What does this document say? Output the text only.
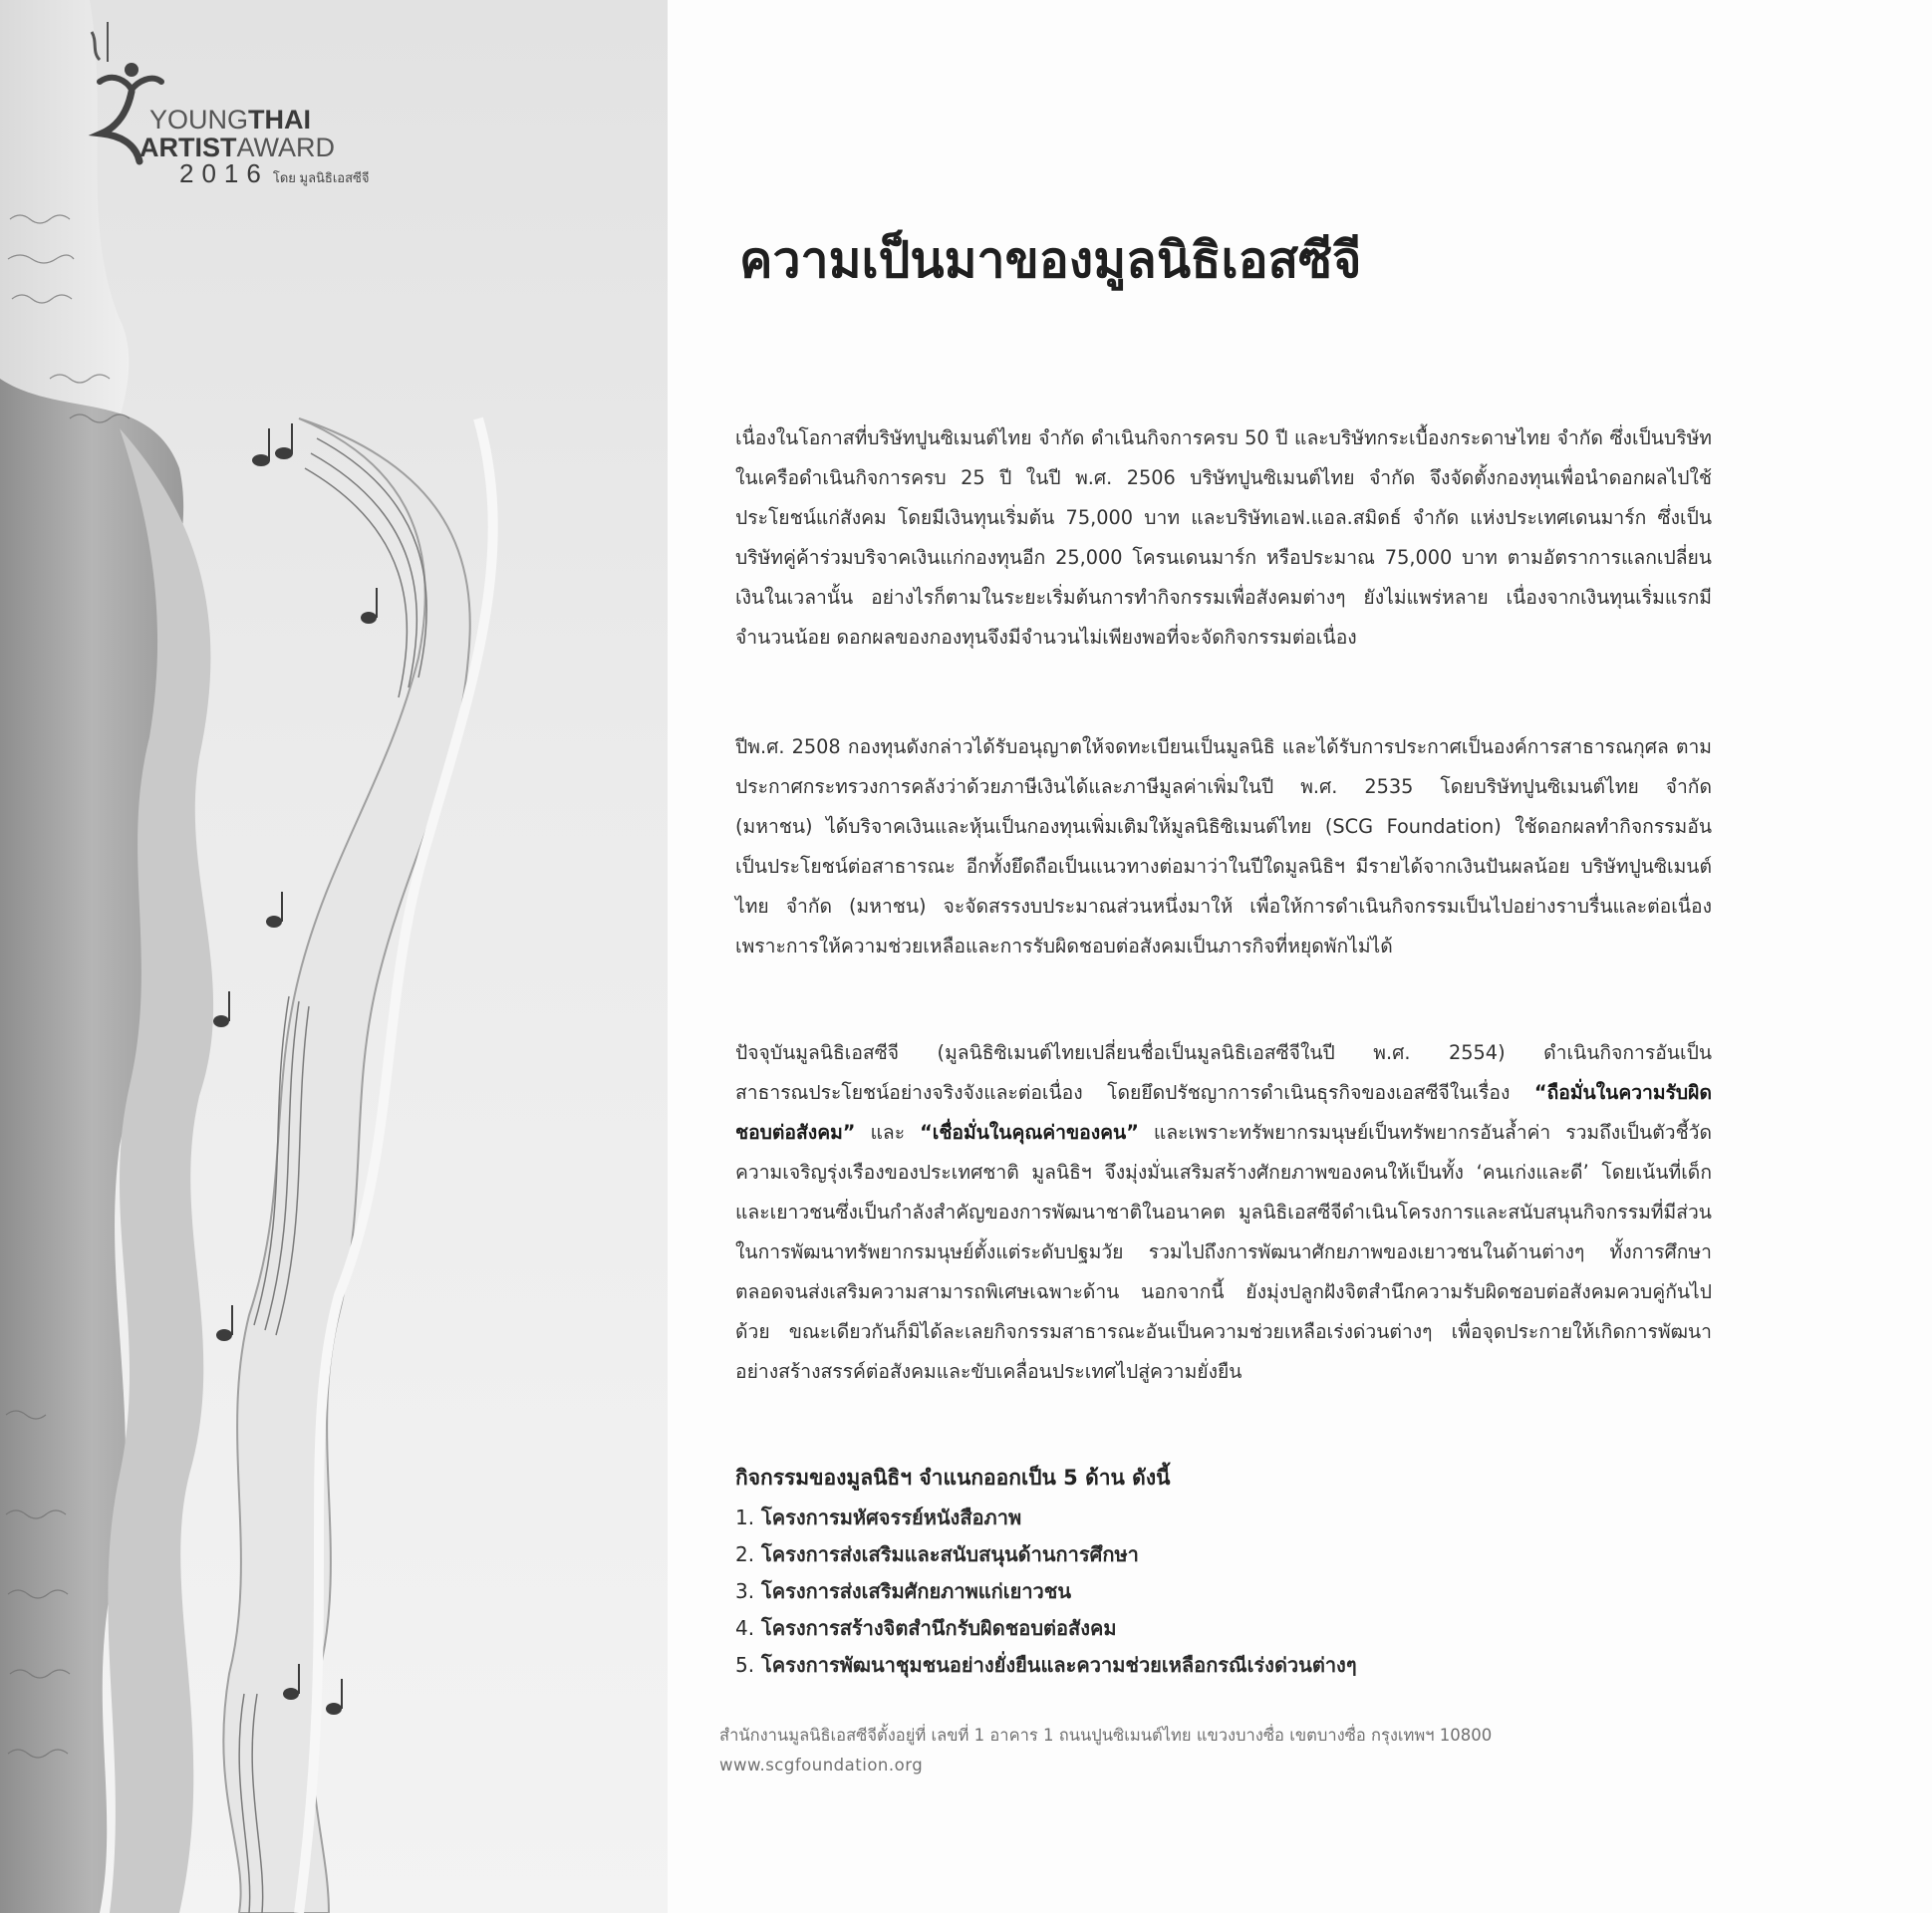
YOUNGTHAI
ARTISTAWARD
2016 โดย มูลนิธิเอสซีจี
ความเป็นมาของมูลนิธิเอสซีจี

เนื่องในโอกาสที่บริษัทปูนซิเมนต์ไทย จำกัด ดำเนินกิจการครบ 50 ปี และบริษัทกระเบื้องกระดาษไทย จำกัด ซึ่งเป็นบริษัทในเครือดำเนินกิจการครบ 25 ปี ในปี พ.ศ. 2506 บริษัทปูนซิเมนต์ไทย จำกัด จึงจัดตั้งกองทุนเพื่อนำดอกผลไปใช้ประโยชน์แก่สังคม โดยมีเงินทุนเริ่มต้น 75,000 บาท และบริษัทเอฟ.แอล.สมิดธ์ จำกัด แห่งประเทศเดนมาร์ก ซึ่งเป็นบริษัทคู่ค้าร่วมบริจาคเงินแก่กองทุนอีก 25,000 โครนเดนมาร์ก หรือประมาณ 75,000 บาท ตามอัตราการแลกเปลี่ยนเงินในเวลานั้น อย่างไรก็ตามในระยะเริ่มต้นการทำกิจกรรมเพื่อสังคมต่างๆ ยังไม่แพร่หลาย เนื่องจากเงินทุนเริ่มแรกมีจำนวนน้อย ดอกผลของกองทุนจึงมีจำนวนไม่เพียงพอที่จะจัดกิจกรรมต่อเนื่อง

ปีพ.ศ. 2508 กองทุนดังกล่าวได้รับอนุญาตให้จดทะเบียนเป็นมูลนิธิ และได้รับการประกาศเป็นองค์การสาธารณกุศล ตามประกาศกระทรวงการคลังว่าด้วยภาษีเงินได้และภาษีมูลค่าเพิ่มในปี พ.ศ. 2535 โดยบริษัทปูนซิเมนต์ไทย จำกัด (มหาชน) ได้บริจาคเงินและหุ้นเป็นกองทุนเพิ่มเติมให้มูลนิธิซิเมนต์ไทย (SCG Foundation) ใช้ดอกผลทำกิจกรรมอันเป็นประโยชน์ต่อสาธารณะ อีกทั้งยึดถือเป็นแนวทางต่อมาว่าในปีใดมูลนิธิฯ มีรายได้จากเงินปันผลน้อย บริษัทปูนซิเมนต์ไทย จำกัด (มหาชน) จะจัดสรรงบประมาณส่วนหนึ่งมาให้ เพื่อให้การดำเนินกิจกรรมเป็นไปอย่างราบรื่นและต่อเนื่อง เพราะการให้ความช่วยเหลือและการรับผิดชอบต่อสังคมเป็นภารกิจที่หยุดพักไม่ได้

ปัจจุบันมูลนิธิเอสซีจี (มูลนิธิซิเมนต์ไทยเปลี่ยนชื่อเป็นมูลนิธิเอสซีจีในปี พ.ศ. 2554) ดำเนินกิจการอันเป็นสาธารณประโยชน์อย่างจริงจังและต่อเนื่อง โดยยึดปรัชญาการดำเนินธุรกิจของเอสซีจีในเรื่อง “ถือมั่นในความรับผิดชอบต่อสังคม” และ “เชื่อมั่นในคุณค่าของคน” และเพราะทรัพยากรมนุษย์เป็นทรัพยากรอันล้ำค่า รวมถึงเป็นตัวชี้วัดความเจริญรุ่งเรืองของประเทศชาติ มูลนิธิฯ จึงมุ่งมั่นเสริมสร้างศักยภาพของคนให้เป็นทั้ง ‘คนเก่งและดี’ โดยเน้นที่เด็กและเยาวชนซึ่งเป็นกำลังสำคัญของการพัฒนาชาติในอนาคต มูลนิธิเอสซีจีดำเนินโครงการและสนับสนุนกิจกรรมที่มีส่วนในการพัฒนาทรัพยากรมนุษย์ตั้งแต่ระดับปฐมวัย รวมไปถึงการพัฒนาศักยภาพของเยาวชนในด้านต่างๆ ทั้งการศึกษาตลอดจนส่งเสริมความสามารถพิเศษเฉพาะด้าน นอกจากนี้ ยังมุ่งปลูกฝังจิตสำนึกความรับผิดชอบต่อสังคมควบคู่กันไปด้วย ขณะเดียวกันก็มิได้ละเลยกิจกรรมสาธารณะอันเป็นความช่วยเหลือเร่งด่วนต่างๆ เพื่อจุดประกายให้เกิดการพัฒนาอย่างสร้างสรรค์ต่อสังคมและขับเคลื่อนประเทศไปสู่ความยั่งยืน

กิจกรรมของมูลนิธิฯ จำแนกออกเป็น 5 ด้าน ดังนี้
1. โครงการมหัศจรรย์หนังสือภาพ
2. โครงการส่งเสริมและสนับสนุนด้านการศึกษา
3. โครงการส่งเสริมศักยภาพแก่เยาวชน
4. โครงการสร้างจิตสำนึกรับผิดชอบต่อสังคม
5. โครงการพัฒนาชุมชนอย่างยั่งยืนและความช่วยเหลือกรณีเร่งด่วนต่างๆ
สำนักงานมูลนิธิเอสซีจีตั้งอยู่ที่ เลขที่ 1 อาคาร 1 ถนนปูนซิเมนต์ไทย แขวงบางซื่อ เขตบางซื่อ กรุงเทพฯ 10800
www.scgfoundation.org
